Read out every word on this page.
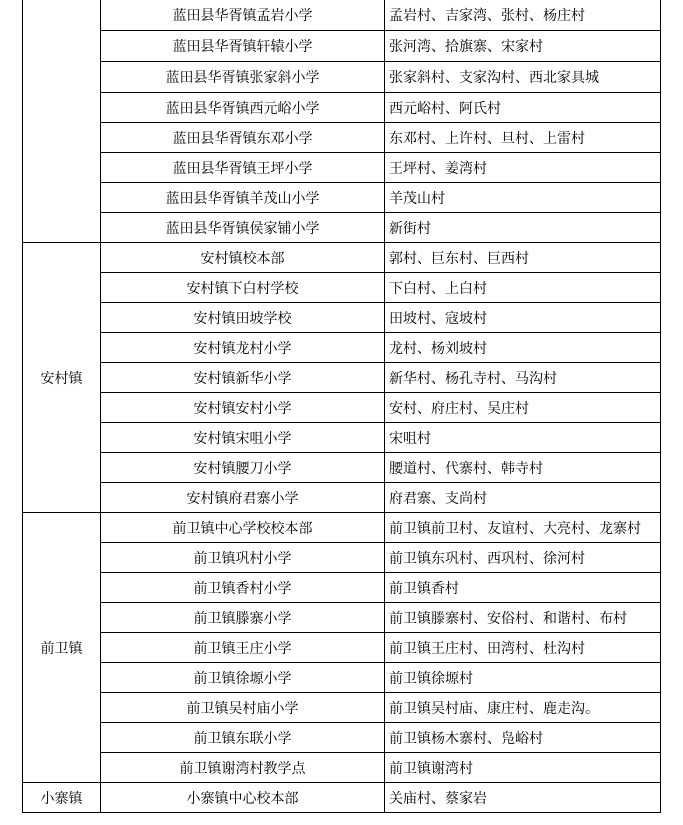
	蓝田县华胥镇孟岩小学	孟岩村、吉家湾、张村、杨庄村
	蓝田县华胥镇轩辕小学	张河湾、拾旗寨、宋家村
	蓝田县华胥镇张家斜小学	张家斜村、支家沟村、西北家具城
	蓝田县华胥镇西元峪小学	西元峪村、阿氏村
	蓝田县华胥镇东邓小学	东邓村、上许村、旦村、上雷村
	蓝田县华胥镇王坪小学	王坪村、姜湾村
	蓝田县华胥镇羊茂山小学	羊茂山村
	蓝田县华胥镇侯家铺小学	新街村
安村镇	安村镇校本部	郭村、巨东村、巨西村
	安村镇下白村学校	下白村、上白村
	安村镇田坡学校	田坡村、寇坡村
	安村镇龙村小学	龙村、杨刘坡村
	安村镇新华小学	新华村、杨孔寺村、马沟村
	安村镇安村小学	安村、府庄村、吴庄村
	安村镇宋咀小学	宋咀村
	安村镇腰刀小学	腰道村、代寨村、韩寺村
	安村镇府君寨小学	府君寨、支尚村
前卫镇	前卫镇中心学校校本部	前卫镇前卫村、友谊村、大亮村、龙寨村
	前卫镇巩村小学	前卫镇东巩村、西巩村、徐河村
	前卫镇香村小学	前卫镇香村
	前卫镇滕寨小学	前卫镇滕寨村、安俗村、和谐村、布村
	前卫镇王庄小学	前卫镇王庄村、田湾村、杜沟村
	前卫镇徐塬小学	前卫镇徐塬村
	前卫镇吴村庙小学	前卫镇吴村庙、康庄村、鹿走沟。
	前卫镇东联小学	前卫镇杨木寨村、凫峪村
	前卫镇谢湾村教学点	前卫镇谢湾村
小寨镇	小寨镇中心校本部	关庙村、蔡家岩
